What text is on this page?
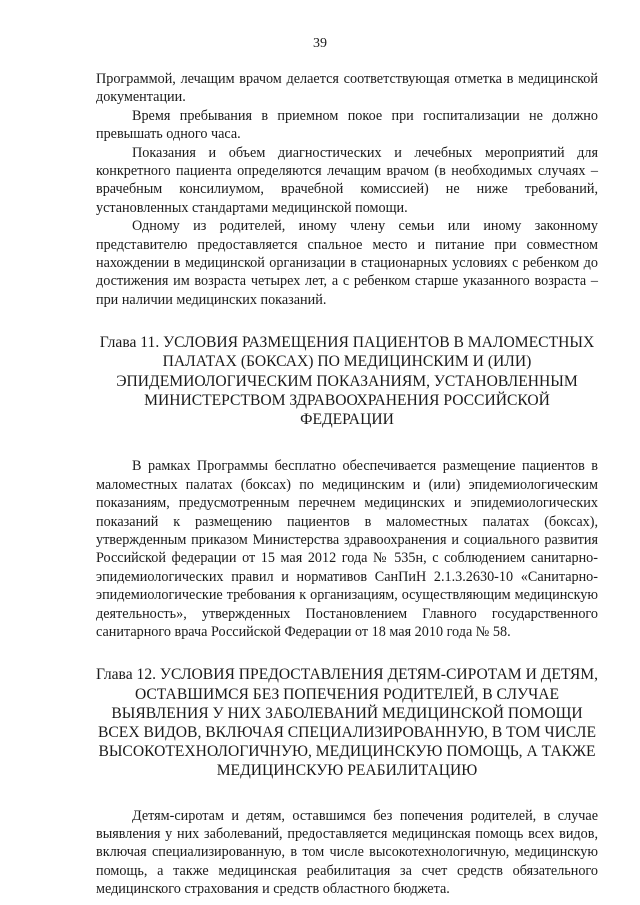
39

Программой, лечащим врачом делается соответствующая отметка в медицинской документации.

Время пребывания в приемном покое при госпитализации не должно превышать одного часа.

Показания и объем диагностических и лечебных мероприятий для конкретного пациента определяются лечащим врачом (в необходимых случаях – врачебным консилиумом, врачебной комиссией) не ниже требований, установленных стандартами медицинской помощи.

Одному из родителей, иному члену семьи или иному законному представителю предоставляется спальное место и питание при совместном нахождении в медицинской организации в стационарных условиях с ребенком до достижения им возраста четырех лет, а с ребенком старше указанного возраста – при наличии медицинских показаний.

Глава 11. УСЛОВИЯ РАЗМЕЩЕНИЯ ПАЦИЕНТОВ В МАЛОМЕСТНЫХ ПАЛАТАХ (БОКСАХ) ПО МЕДИЦИНСКИМ И (ИЛИ) ЭПИДЕМИОЛОГИЧЕСКИМ ПОКАЗАНИЯМ, УСТАНОВЛЕННЫМ МИНИСТЕРСТВОМ ЗДРАВООХРАНЕНИЯ РОССИЙСКОЙ ФЕДЕРАЦИИ

В рамках Программы бесплатно обеспечивается размещение пациентов в маломестных палатах (боксах) по медицинским и (или) эпидемиологическим показаниям, предусмотренным перечнем медицинских и эпидемиологических показаний к размещению пациентов в маломестных палатах (боксах), утвержденным приказом Министерства здравоохранения и социального развития Российской федерации от 15 мая 2012 года № 535н, с соблюдением санитарно-эпидемиологических правил и нормативов СанПиН 2.1.3.2630-10 «Санитарно-эпидемиологические требования к организациям, осуществляющим медицинскую деятельность», утвержденных Постановлением Главного государственного санитарного врача Российской Федерации от 18 мая 2010 года № 58.

Глава 12. УСЛОВИЯ ПРЕДОСТАВЛЕНИЯ ДЕТЯМ-СИРОТАМ И ДЕТЯМ, ОСТАВШИМСЯ БЕЗ ПОПЕЧЕНИЯ РОДИТЕЛЕЙ, В СЛУЧАЕ ВЫЯВЛЕНИЯ У НИХ ЗАБОЛЕВАНИЙ МЕДИЦИНСКОЙ ПОМОЩИ ВСЕХ ВИДОВ, ВКЛЮЧАЯ СПЕЦИАЛИЗИРОВАННУЮ, В ТОМ ЧИСЛЕ ВЫСОКОТЕХНОЛОГИЧНУЮ, МЕДИЦИНСКУЮ ПОМОЩЬ, А ТАКЖЕ МЕДИЦИНСКУЮ РЕАБИЛИТАЦИЮ

Детям-сиротам и детям, оставшимся без попечения родителей, в случае выявления у них заболеваний, предоставляется медицинская помощь всех видов, включая специализированную, в том числе высокотехнологичную, медицинскую помощь, а также медицинская реабилитация за счет средств обязательного медицинского страхования и средств областного бюджета.
